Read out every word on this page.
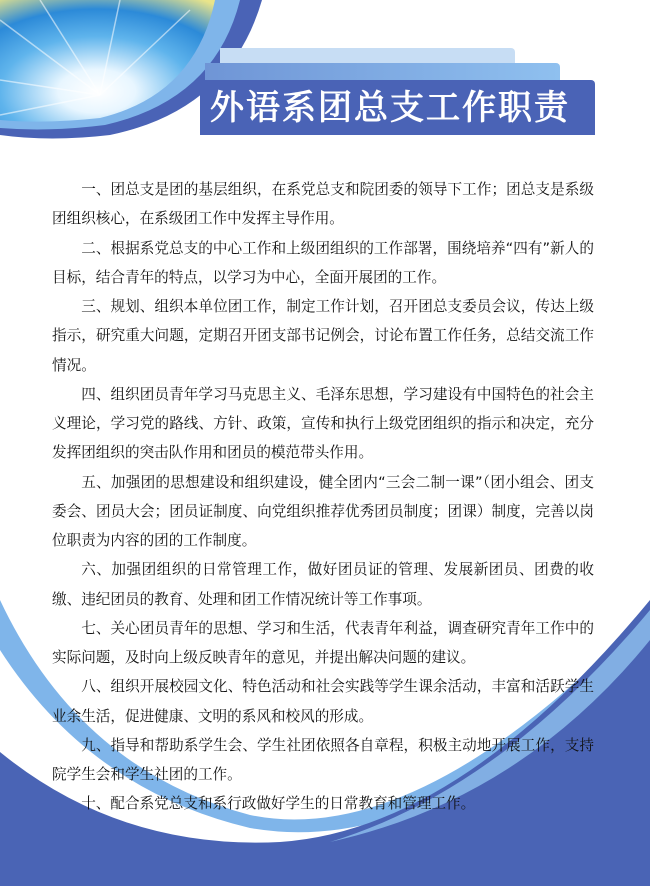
外语系团总支工作职责

一、团总支是团的基层组织，在系党总支和院团委的领导下工作；团总支是系级团组织核心，在系级团工作中发挥主导作用。

二、根据系党总支的中心工作和上级团组织的工作部署，围绕培养“四有”新人的目标，结合青年的特点，以学习为中心，全面开展团的工作。

三、规划、组织本单位团工作，制定工作计划，召开团总支委员会议，传达上级指示，研究重大问题，定期召开团支部书记例会，讨论布置工作任务，总结交流工作情况。

四、组织团员青年学习马克思主义、毛泽东思想，学习建设有中国特色的社会主义理论，学习党的路线、方针、政策，宣传和执行上级党团组织的指示和决定，充分发挥团组织的突击队作用和团员的模范带头作用。

五、加强团的思想建设和组织建设，健全团内“三会二制一课”（团小组会、团支委会、团员大会；团员证制度、向党组织推荐优秀团员制度；团课）制度，完善以岗位职责为内容的团的工作制度。

六、加强团组织的日常管理工作，做好团员证的管理、发展新团员、团费的收缴、违纪团员的教育、处理和团工作情况统计等工作事项。

七、关心团员青年的思想、学习和生活，代表青年利益，调查研究青年工作中的实际问题，及时向上级反映青年的意见，并提出解决问题的建议。

八、组织开展校园文化、特色活动和社会实践等学生课余活动，丰富和活跃学生业余生活，促进健康、文明的系风和校风的形成。

九、指导和帮助系学生会、学生社团依照各自章程，积极主动地开展工作，支持院学生会和学生社团的工作。

十、配合系党总支和系行政做好学生的日常教育和管理工作。
